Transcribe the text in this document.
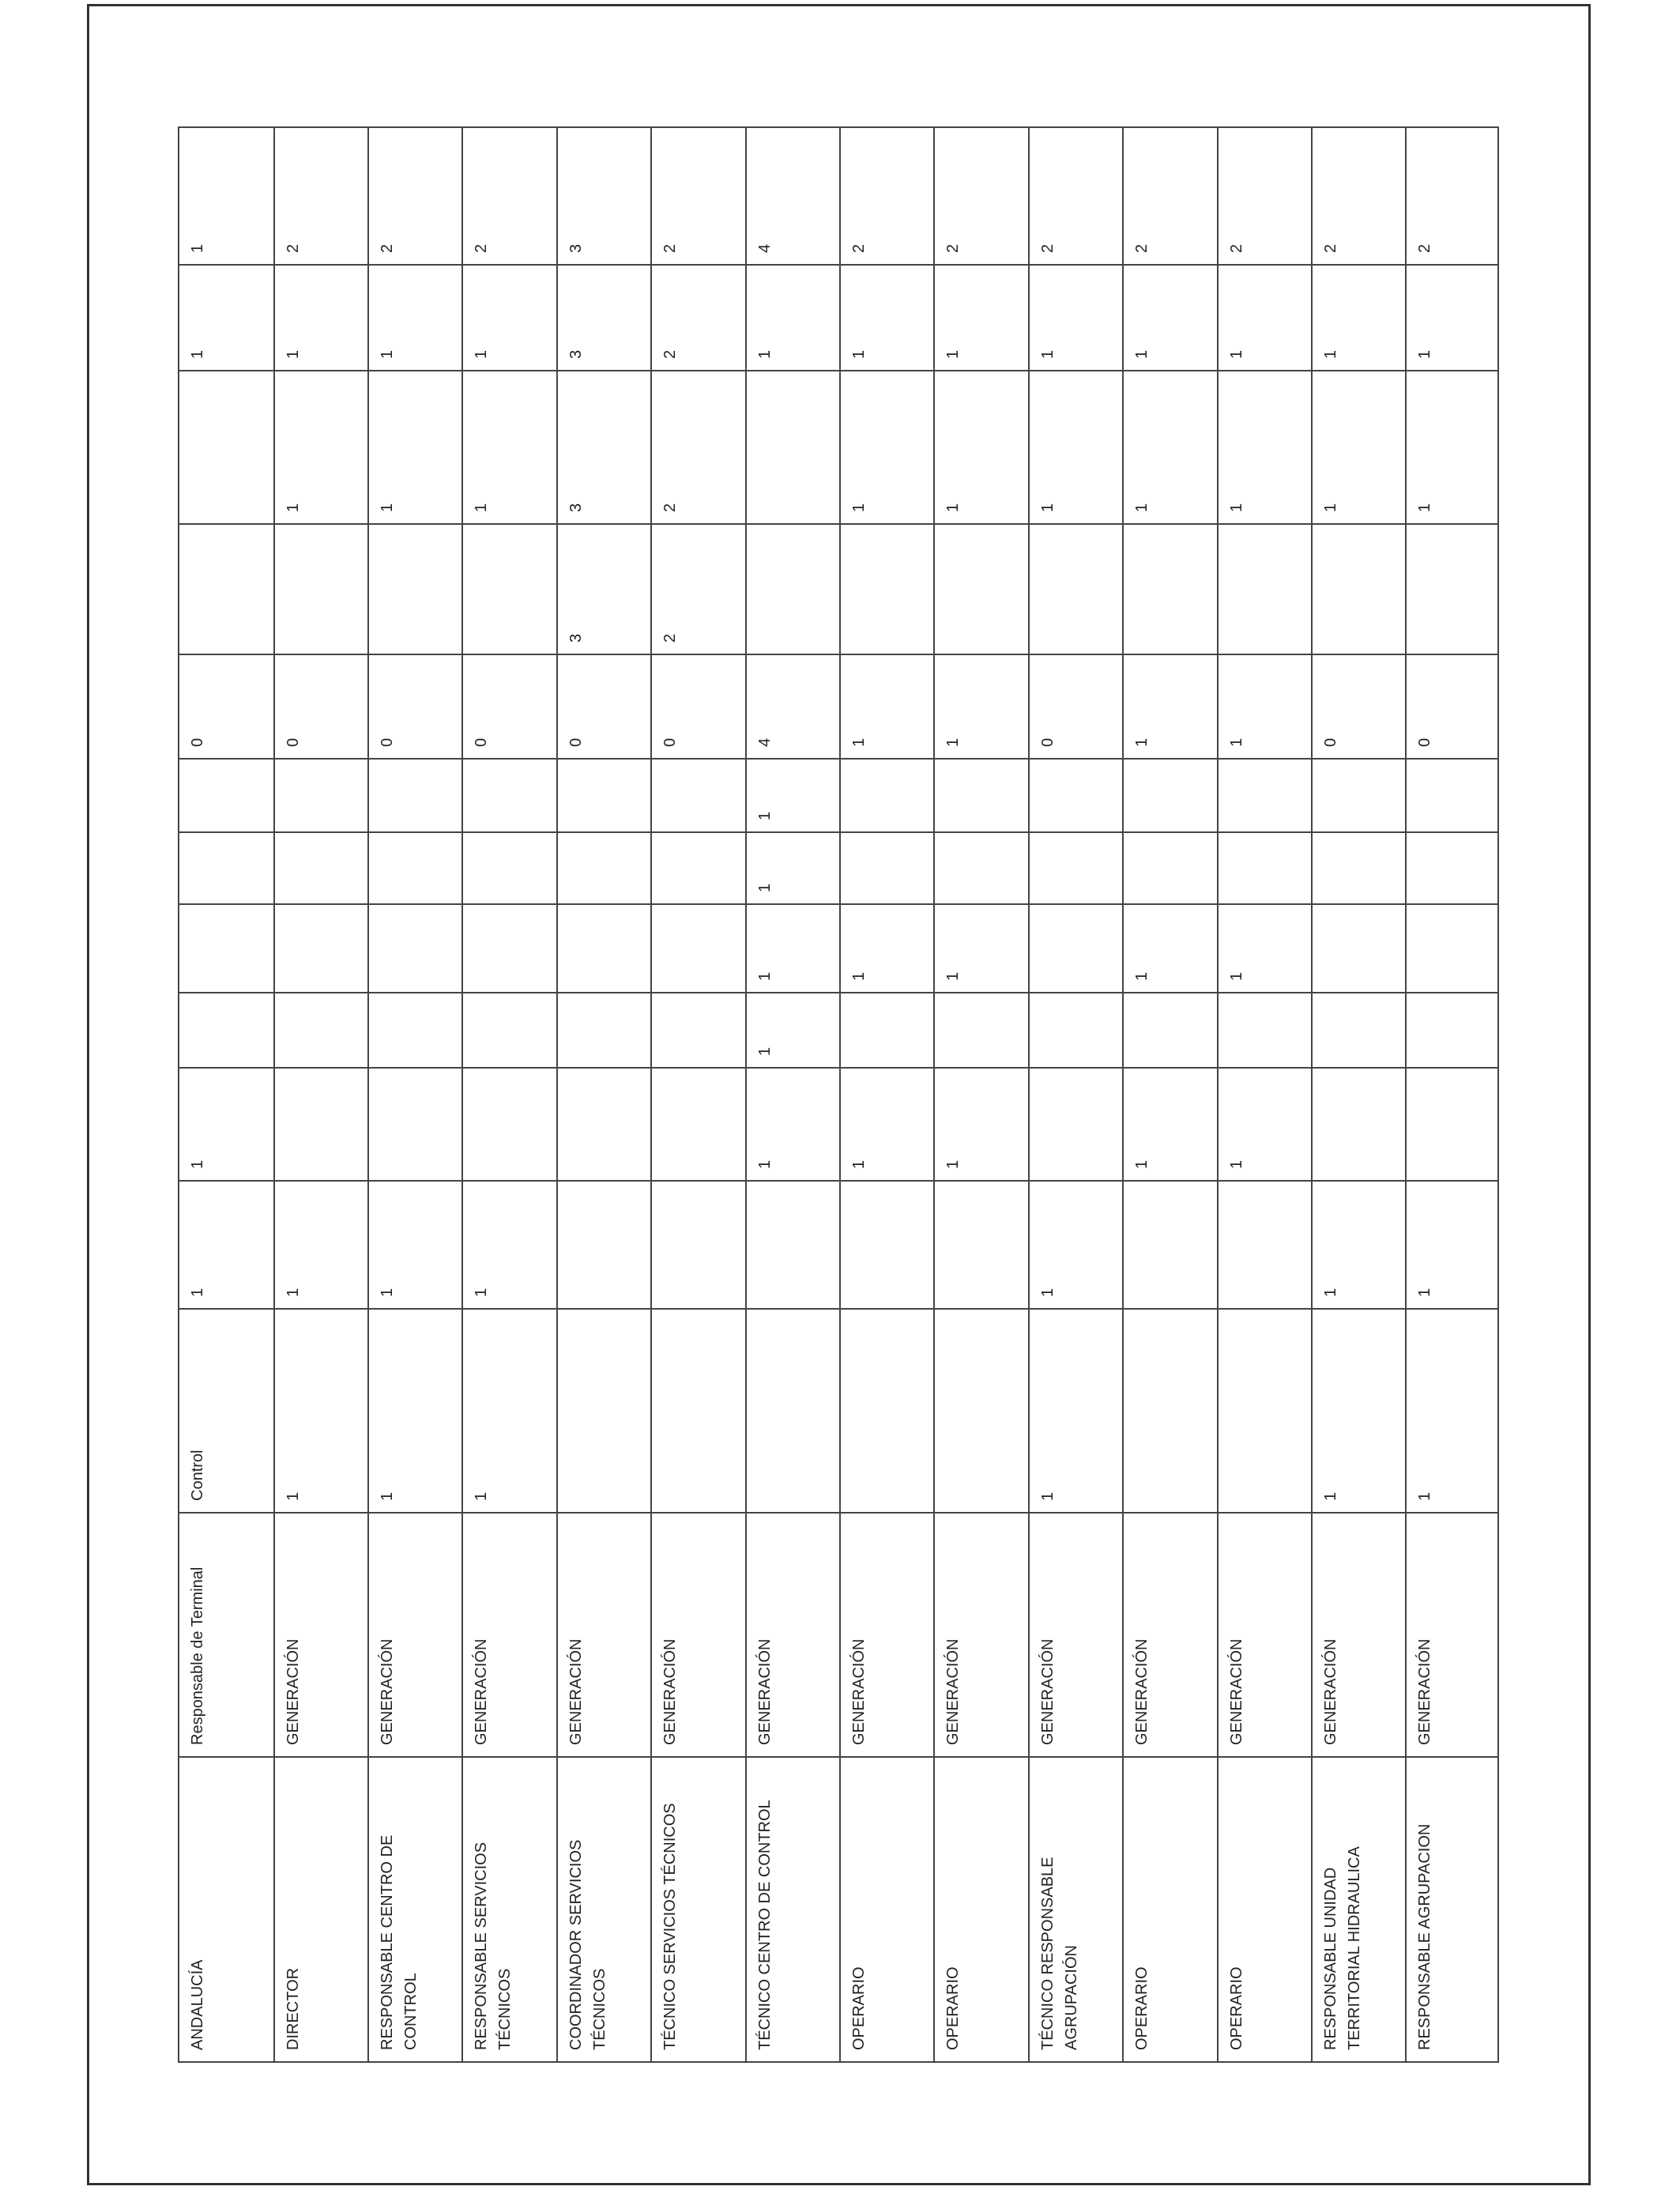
ANDALUCÍA	Responsable de Terminal	Control	1	1					0			1	1
DIRECTOR	GENERACIÓN	1	1						0		1	1	2
RESPONSABLE CENTRO DE CONTROL	GENERACIÓN	1	1						0		1	1	2
RESPONSABLE SERVICIOS TÉCNICOS	GENERACIÓN	1	1						0		1	1	2
COORDINADOR SERVICIOS TÉCNICOS	GENERACIÓN								0	3	3	3	3
TÉCNICO SERVICIOS TÉCNICOS	GENERACIÓN								0	2	2	2	2
TÉCNICO CENTRO DE CONTROL	GENERACIÓN			1	1	1	1	1	4			1	4
OPERARIO	GENERACIÓN			1		1			1		1	1	2
OPERARIO	GENERACIÓN			1		1			1		1	1	2
TÉCNICO RESPONSABLE AGRUPACIÓN	GENERACIÓN	1	1						0		1	1	2
OPERARIO	GENERACIÓN			1		1			1		1	1	2
OPERARIO	GENERACIÓN			1		1			1		1	1	2
RESPONSABLE UNIDAD TERRITORIAL HIDRAULICA	GENERACIÓN	1	1						0		1	1	2
RESPONSABLE AGRUPACION	GENERACIÓN	1	1						0		1	1	2
